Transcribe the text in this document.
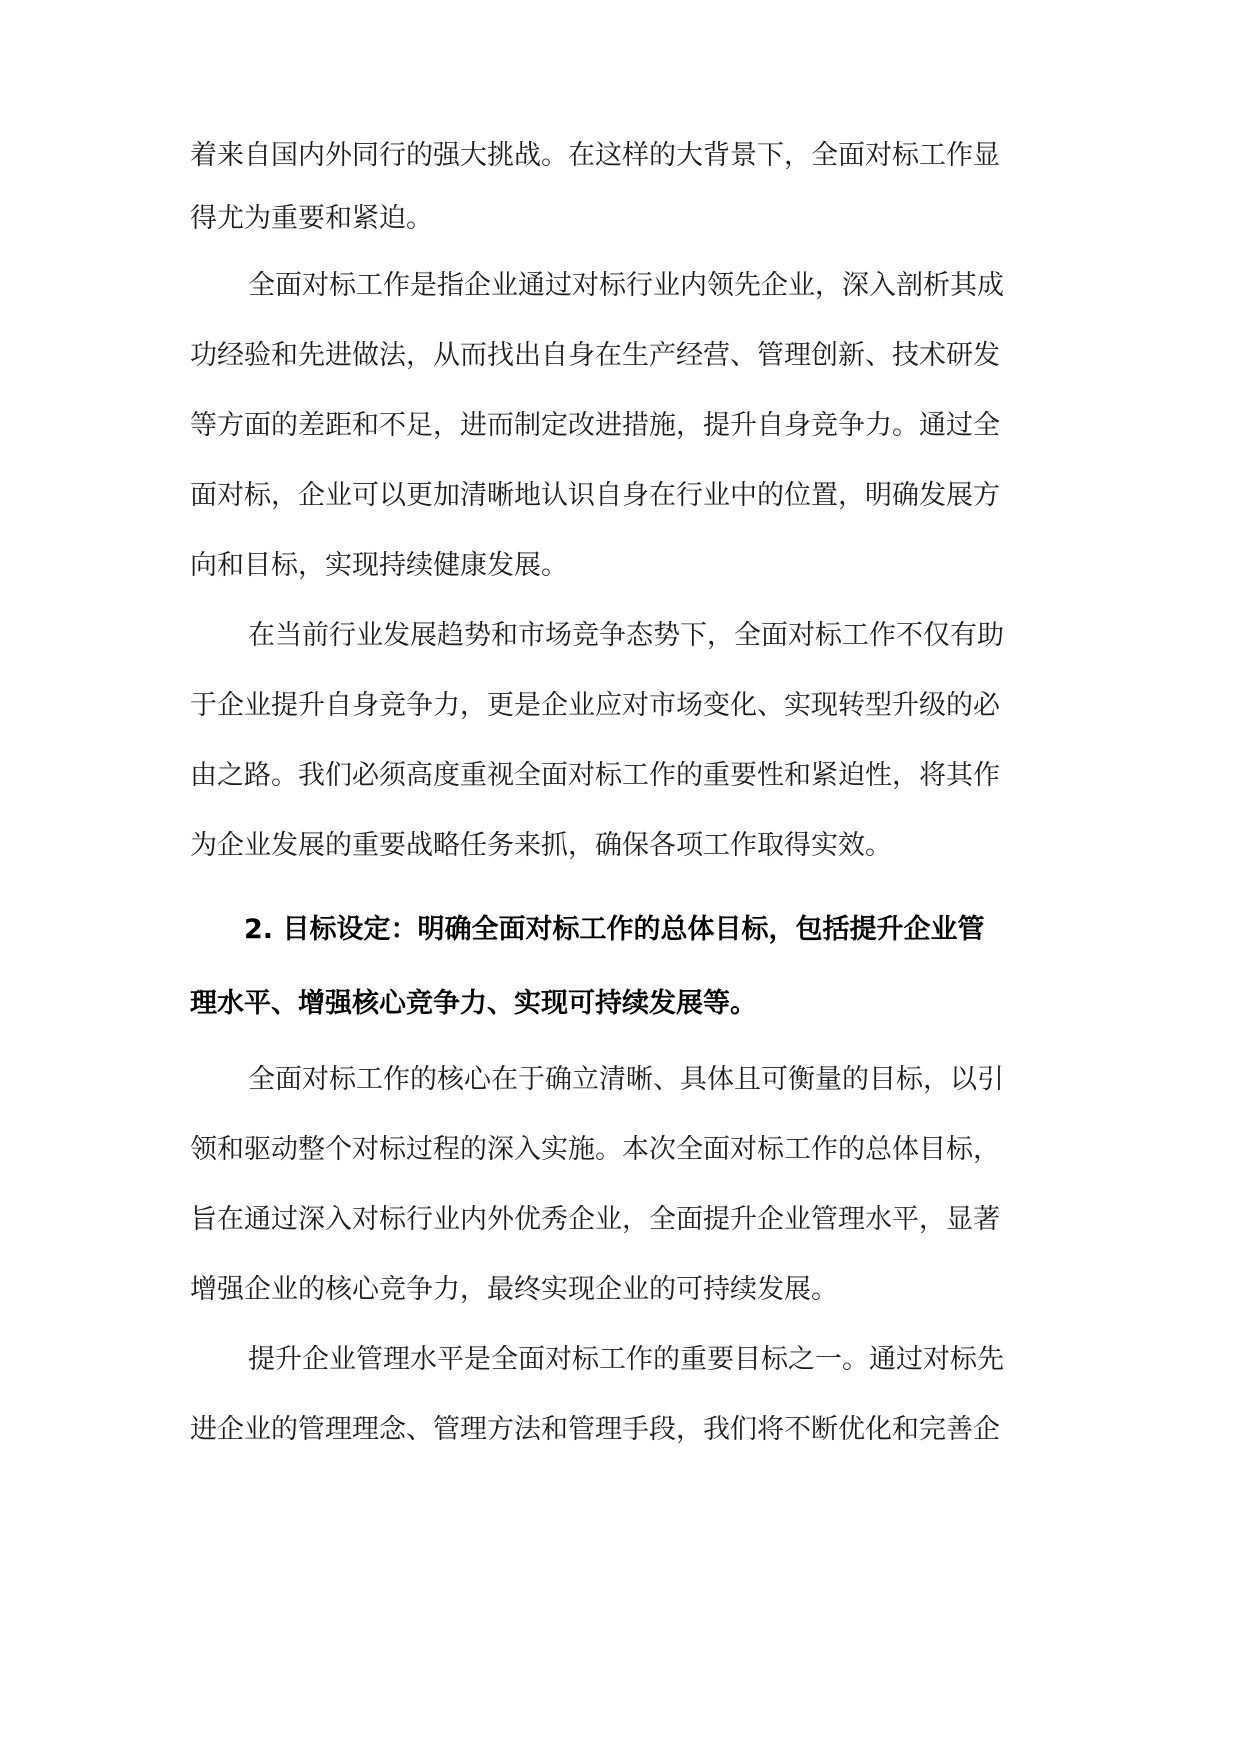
着来自国内外同行的强大挑战。在这样的大背景下，全面对标工作显
得尤为重要和紧迫。
全面对标工作是指企业通过对标行业内领先企业，深入剖析其成
功经验和先进做法，从而找出自身在生产经营、管理创新、技术研发
等方面的差距和不足，进而制定改进措施，提升自身竞争力。通过全
面对标，企业可以更加清晰地认识自身在行业中的位置，明确发展方
向和目标，实现持续健康发展。
在当前行业发展趋势和市场竞争态势下，全面对标工作不仅有助
于企业提升自身竞争力，更是企业应对市场变化、实现转型升级的必
由之路。我们必须高度重视全面对标工作的重要性和紧迫性，将其作
为企业发展的重要战略任务来抓，确保各项工作取得实效。
2. 目标设定：明确全面对标工作的总体目标，包括提升企业管
理水平、增强核心竞争力、实现可持续发展等。
全面对标工作的核心在于确立清晰、具体且可衡量的目标，以引
领和驱动整个对标过程的深入实施。本次全面对标工作的总体目标，
旨在通过深入对标行业内外优秀企业，全面提升企业管理水平，显著
增强企业的核心竞争力，最终实现企业的可持续发展。
提升企业管理水平是全面对标工作的重要目标之一。通过对标先
进企业的管理理念、管理方法和管理手段，我们将不断优化和完善企
